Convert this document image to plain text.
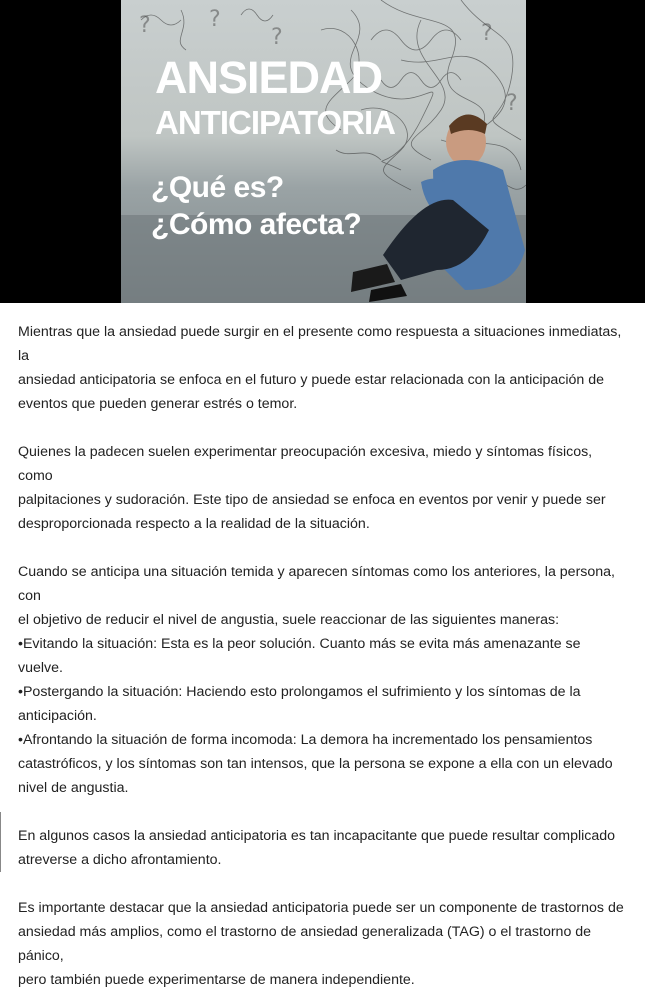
?	?
?	?
?
ANSIEDAD
ANTICIPATORIA
¿Qué es?
¿Cómo afecta?

Mientras que la ansiedad puede surgir en el presente como respuesta a situaciones inmediatas, la
ansiedad anticipatoria se enfoca en el futuro y puede estar relacionada con la anticipación de
eventos que pueden generar estrés o temor.

Quienes la padecen suelen experimentar preocupación excesiva, miedo y síntomas físicos, como
palpitaciones y sudoración. Este tipo de ansiedad se enfoca en eventos por venir y puede ser
desproporcionada respecto a la realidad de la situación.

Cuando se anticipa una situación temida y aparecen síntomas como los anteriores, la persona, con
el objetivo de reducir el nivel de angustia, suele reaccionar de las siguientes maneras:
•Evitando la situación: Esta es la peor solución. Cuanto más se evita más amenazante se vuelve.
•Postergando la situación: Haciendo esto prolongamos el sufrimiento y los síntomas de la
anticipación.
•Afrontando la situación de forma incomoda: La demora ha incrementado los pensamientos
catastróficos, y los síntomas son tan intensos, que la persona se expone a ella con un elevado
nivel de angustia.

En algunos casos la ansiedad anticipatoria es tan incapacitante que puede resultar complicado
atreverse a dicho afrontamiento.

Es importante destacar que la ansiedad anticipatoria puede ser un componente de trastornos de
ansiedad más amplios, como el trastorno de ansiedad generalizada (TAG) o el trastorno de pánico,
pero también puede experimentarse de manera independiente.
